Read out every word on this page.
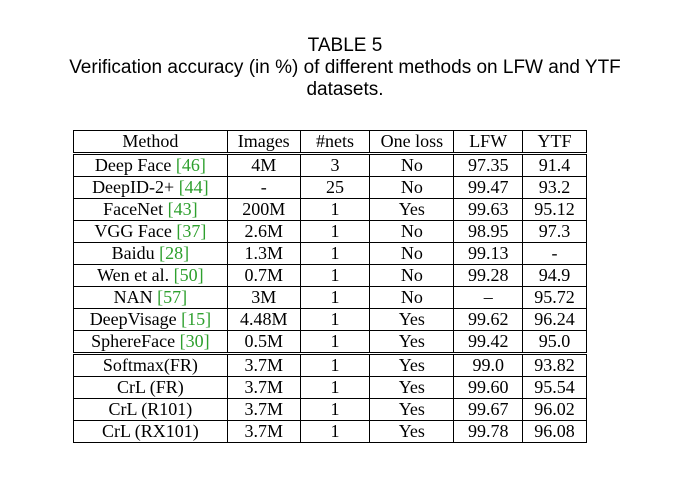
TABLE 5
Verification accuracy (in %) of different methods on LFW and YTF
datasets.
Method	Images	#nets	One loss	LFW	YTF
Deep Face [46]	4M	3	No	97.35	91.4
DeepID-2+ [44]	-	25	No	99.47	93.2
FaceNet [43]	200M	1	Yes	99.63	95.12
VGG Face [37]	2.6M	1	No	98.95	97.3
Baidu [28]	1.3M	1	No	99.13	-
Wen et al. [50]	0.7M	1	No	99.28	94.9
NAN [57]	3M	1	No	–	95.72
DeepVisage [15]	4.48M	1	Yes	99.62	96.24
SphereFace [30]	0.5M	1	Yes	99.42	95.0
Softmax(FR)	3.7M	1	Yes	99.0	93.82
CrL (FR)	3.7M	1	Yes	99.60	95.54
CrL (R101)	3.7M	1	Yes	99.67	96.02
CrL (RX101)	3.7M	1	Yes	99.78	96.08
